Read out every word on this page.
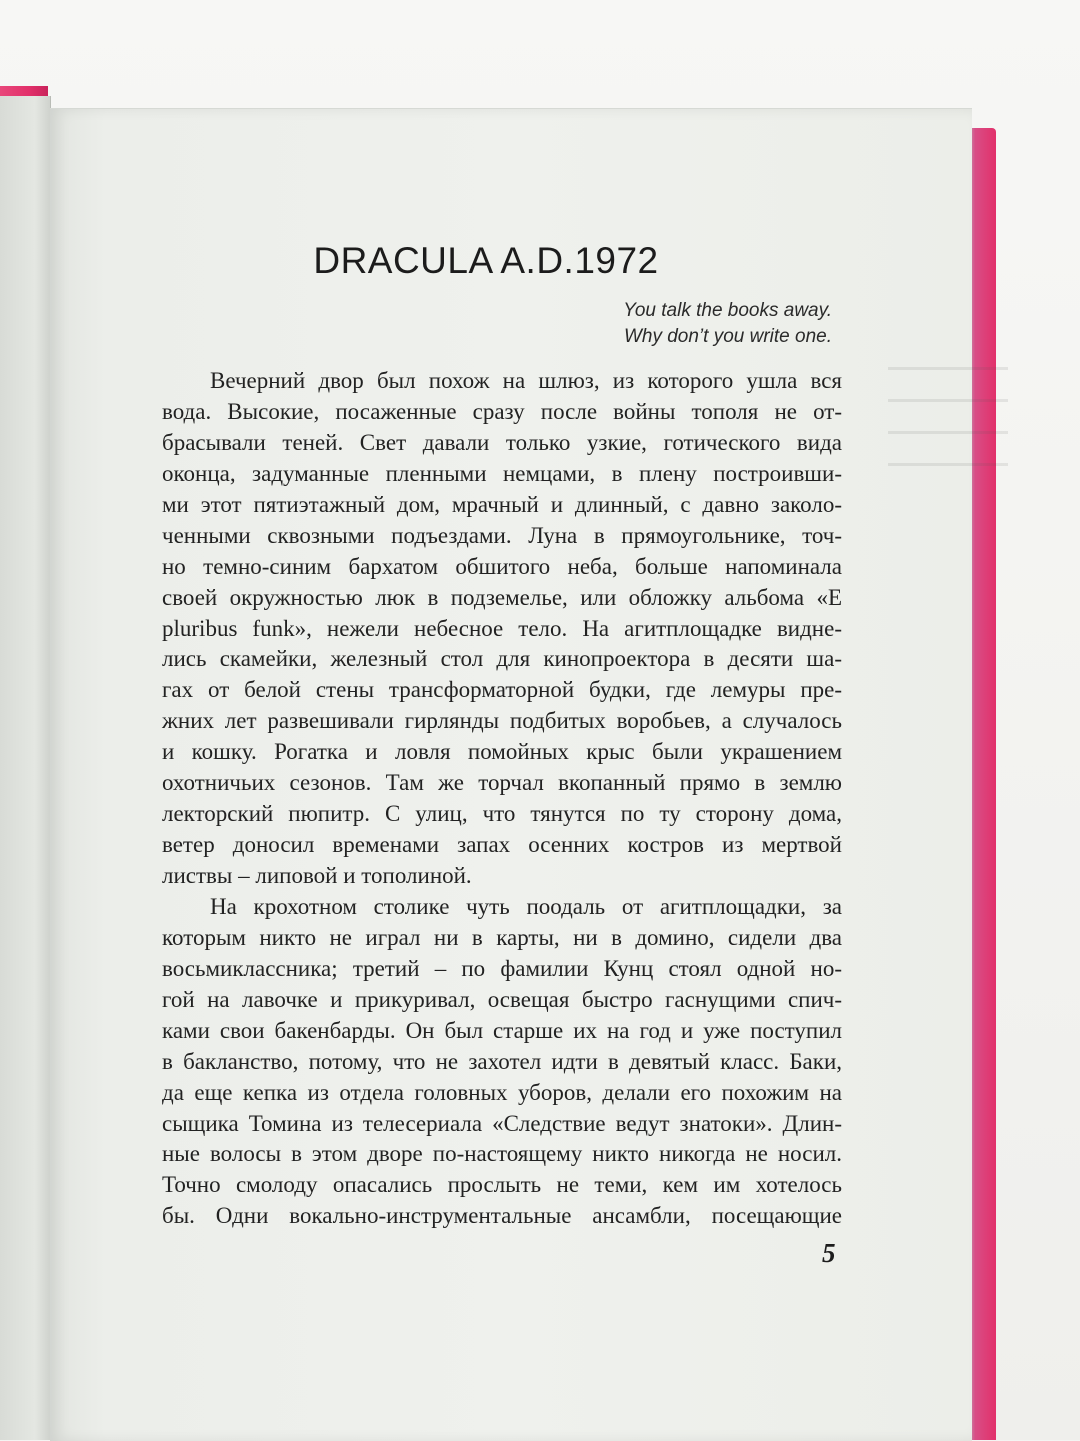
DRACULA A.D.1972
You talk the books away.
Why don’t you write one.
Вечерний двор был похож на шлюз, из которого ушла вся
вода. Высокие, посаженные сразу после войны тополя не от-
брасывали теней. Свет давали только узкие, готического вида
оконца, задуманные пленными немцами, в плену построивши-
ми этот пятиэтажный дом, мрачный и длинный, с давно заколо-
ченными сквозными подъездами. Луна в прямоугольнике, точ-
но темно-синим бархатом обшитого неба, больше напоминала
своей окружностью люк в подземелье, или обложку альбома «E
pluribus funk», нежели небесное тело. На агитплощадке видне-
лись скамейки, железный стол для кинопроектора в десяти ша-
гах от белой стены трансформаторной будки, где лемуры пре-
жних лет развешивали гирлянды подбитых воробьев, а случалось
и кошку. Рогатка и ловля помойных крыс были украшением
охотничьих сезонов. Там же торчал вкопанный прямо в землю
лекторский пюпитр. С улиц, что тянутся по ту сторону дома,
ветер доносил временами запах осенних костров из мертвой
листвы – липовой и тополиной.
На крохотном столике чуть поодаль от агитплощадки, за
которым никто не играл ни в карты, ни в домино, сидели два
восьмиклассника; третий – по фамилии Кунц стоял одной но-
гой на лавочке и прикуривал, освещая быстро гаснущими спич-
ками свои бакенбарды. Он был старше их на год и уже поступил
в бакланство, потому, что не захотел идти в девятый класс. Баки,
да еще кепка из отдела головных уборов, делали его похожим на
сыщика Томина из телесериала «Следствие ведут знатоки». Длин-
ные волосы в этом дворе по-настоящему никто никогда не носил.
Точно смолоду опасались прослыть не теми, кем им хотелось
бы. Одни вокально-инструментальные ансамбли, посещающие
5
